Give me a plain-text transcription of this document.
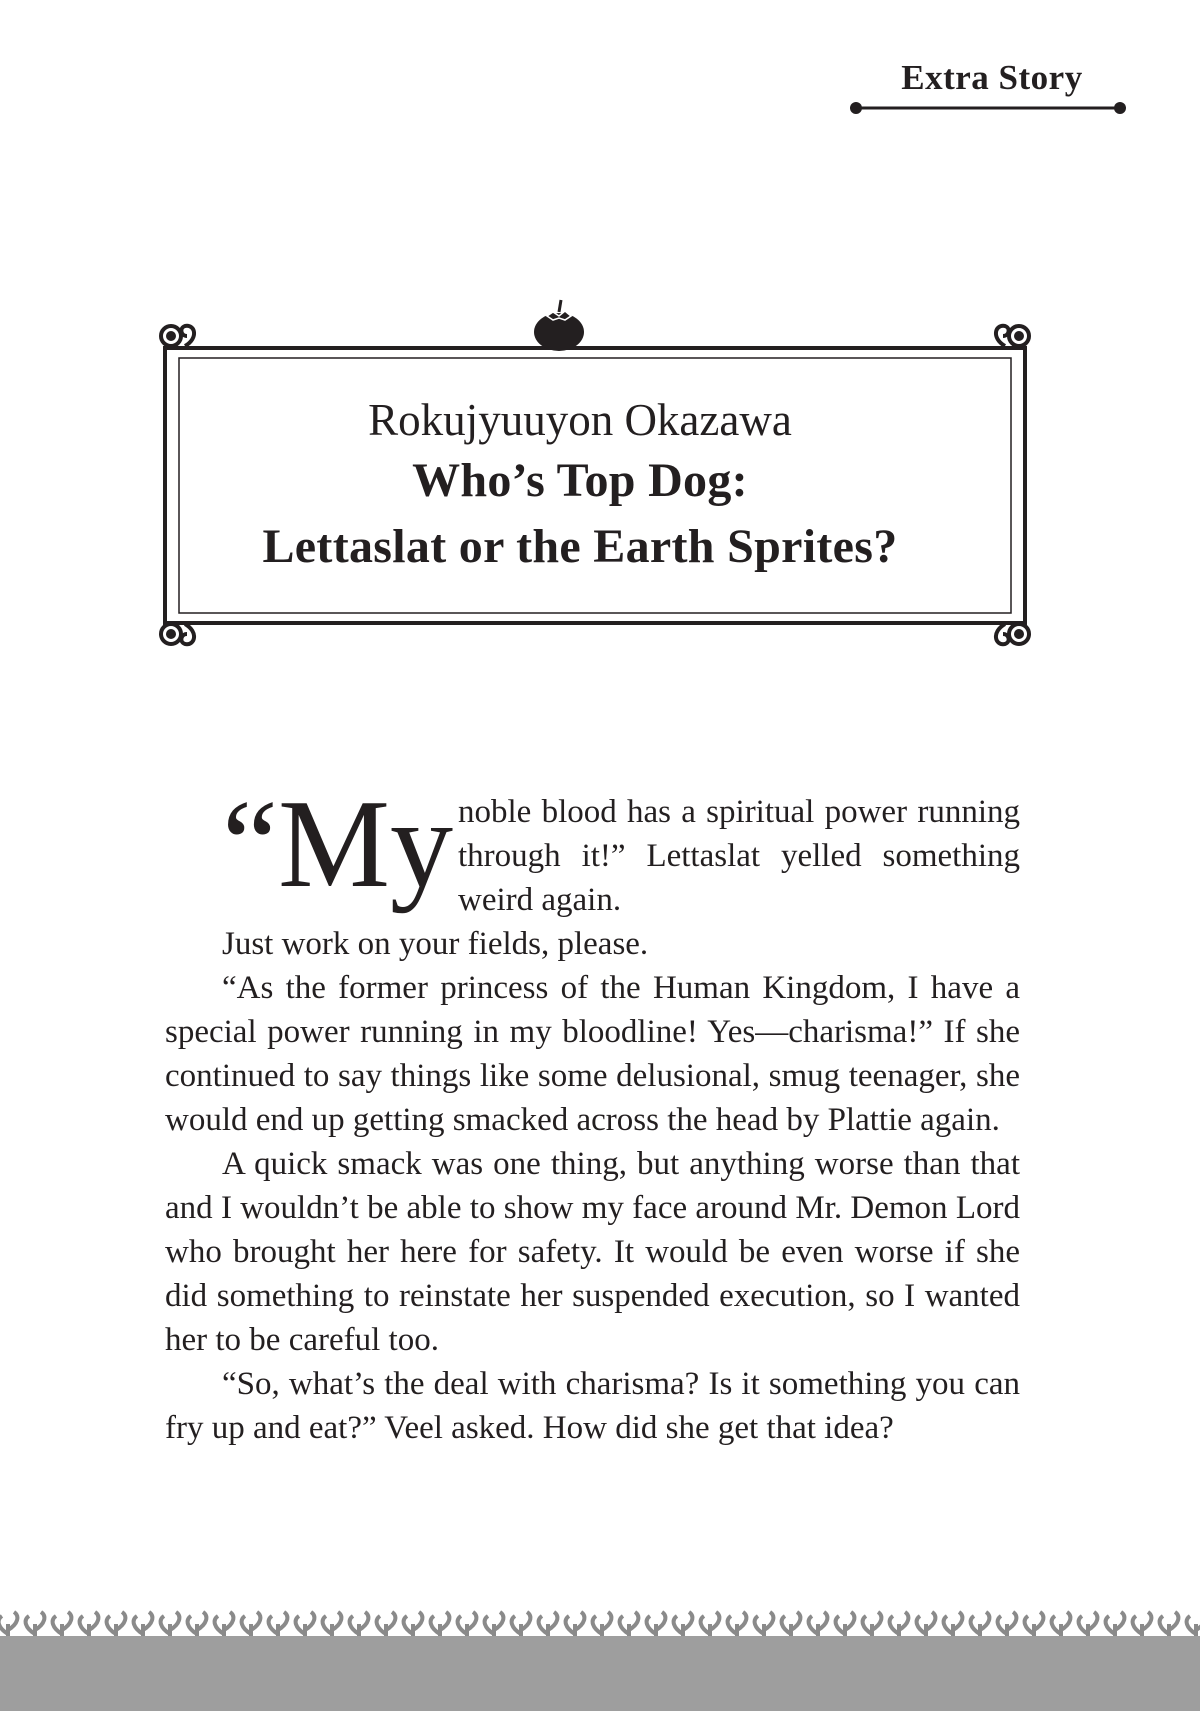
Extra Story
Rokujyuuyon Okazawa
Who’s Top Dog:
Lettaslat or the Earth Sprites?
“My noble blood has a spiritual power running through it!” Lettaslat yelled something weird again.

Just work on your fields, please.

“As the former princess of the Human Kingdom, I have a special power running in my bloodline! Yes—charisma!” If she continued to say things like some delusional, smug teenager, she would end up getting smacked across the head by Plattie again.

A quick smack was one thing, but anything worse than that and I wouldn’t be able to show my face around Mr. Demon Lord who brought her here for safety. It would be even worse if she did something to reinstate her suspended execution, so I wanted her to be careful too.

“So, what’s the deal with charisma? Is it something you can fry up and eat?” Veel asked. How did she get that idea?
